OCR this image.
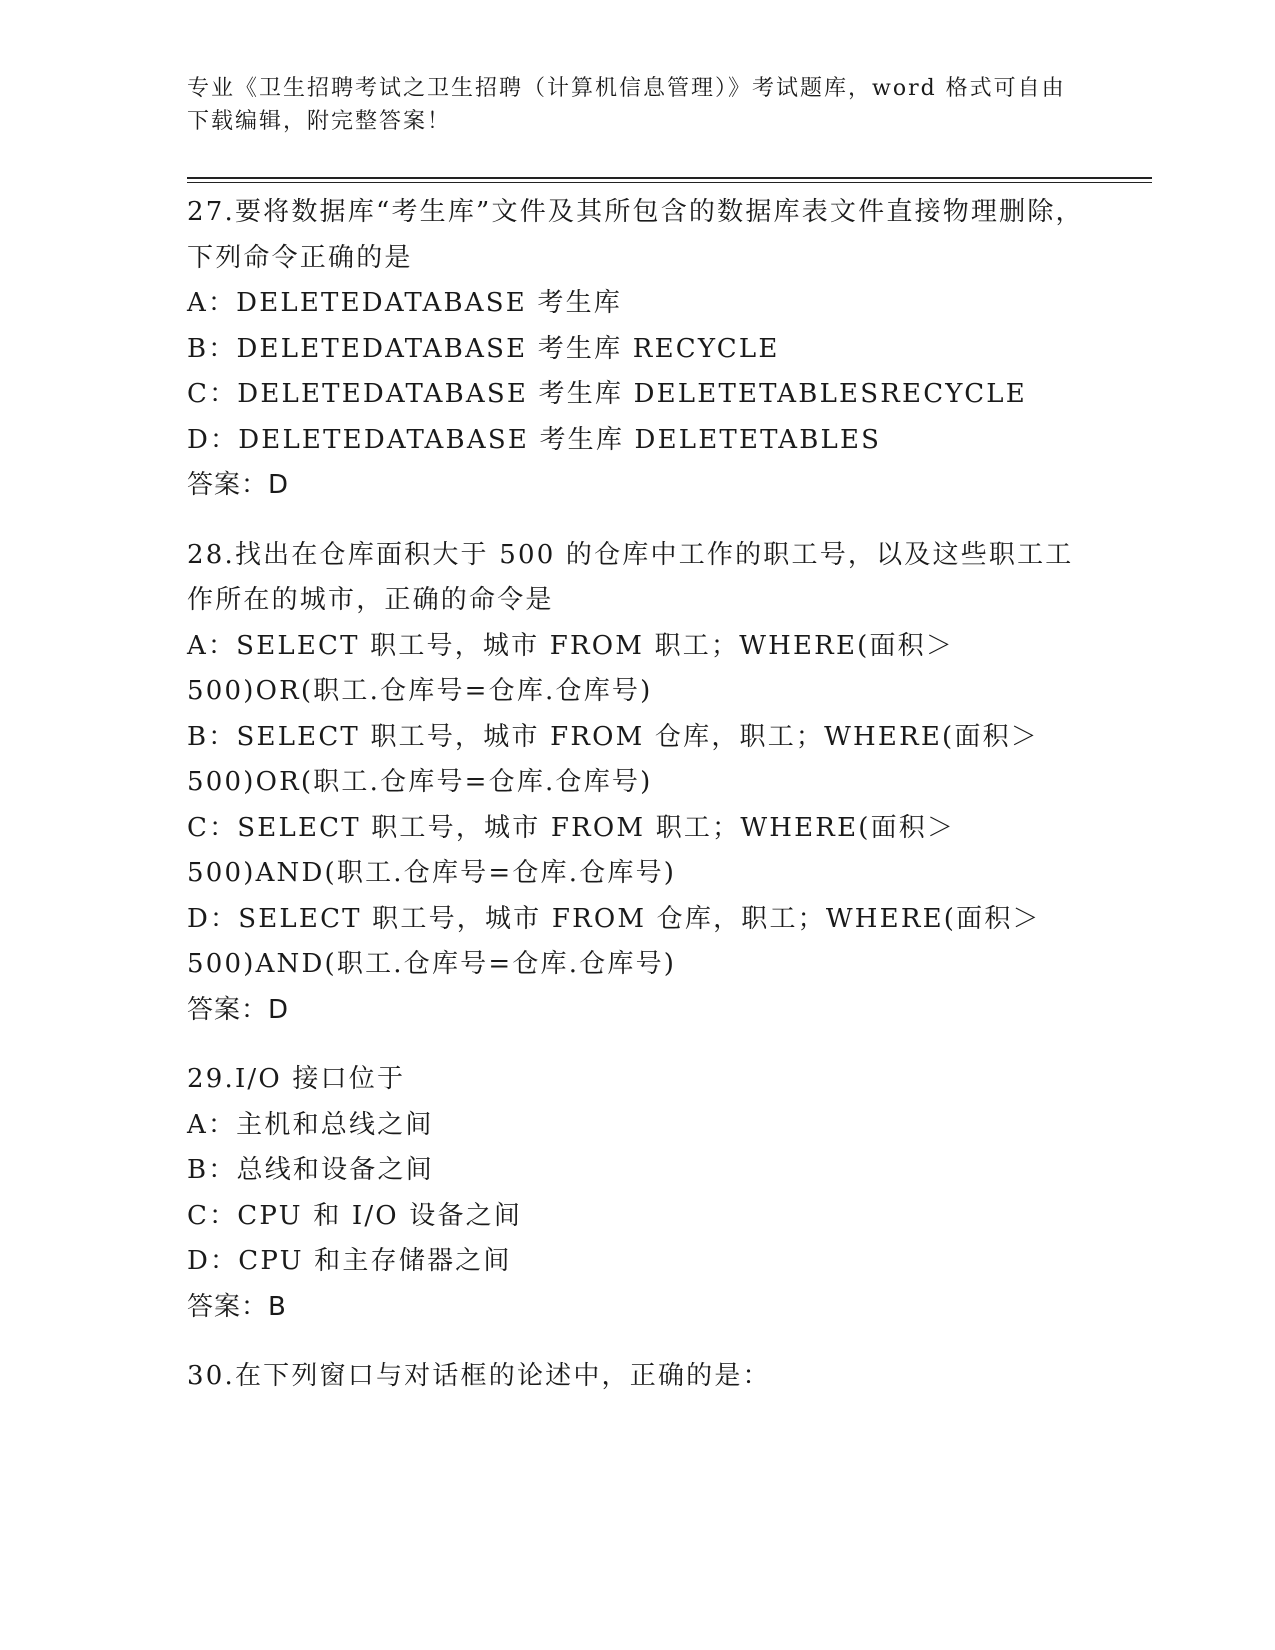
专业《卫生招聘考试之卫生招聘（计算机信息管理）》考试题库，word 格式可自由下载编辑，附完整答案！
27.要将数据库“考生库”文件及其所包含的数据库表文件直接物理删除，下列命令正确的是
A：DELETEDATABASE 考生库
B：DELETEDATABASE 考生库 RECYCLE
C：DELETEDATABASE 考生库 DELETETABLESRECYCLE
D：DELETEDATABASE 考生库 DELETETABLES
答案：D
28.找出在仓库面积大于 500 的仓库中工作的职工号，以及这些职工工作所在的城市，正确的命令是
A：SELECT 职工号，城市 FROM 职工；WHERE(面积＞500)OR(职工.仓库号=仓库.仓库号)
B：SELECT 职工号，城市 FROM 仓库，职工；WHERE(面积＞500)OR(职工.仓库号=仓库.仓库号)
C：SELECT 职工号，城市 FROM 职工；WHERE(面积＞500)AND(职工.仓库号=仓库.仓库号)
D：SELECT 职工号，城市 FROM 仓库，职工；WHERE(面积＞500)AND(职工.仓库号=仓库.仓库号)
答案：D
29.I/O 接口位于
A：主机和总线之间
B：总线和设备之间
C：CPU 和 I/O 设备之间
D：CPU 和主存储器之间
答案：B
30.在下列窗口与对话框的论述中，正确的是：
